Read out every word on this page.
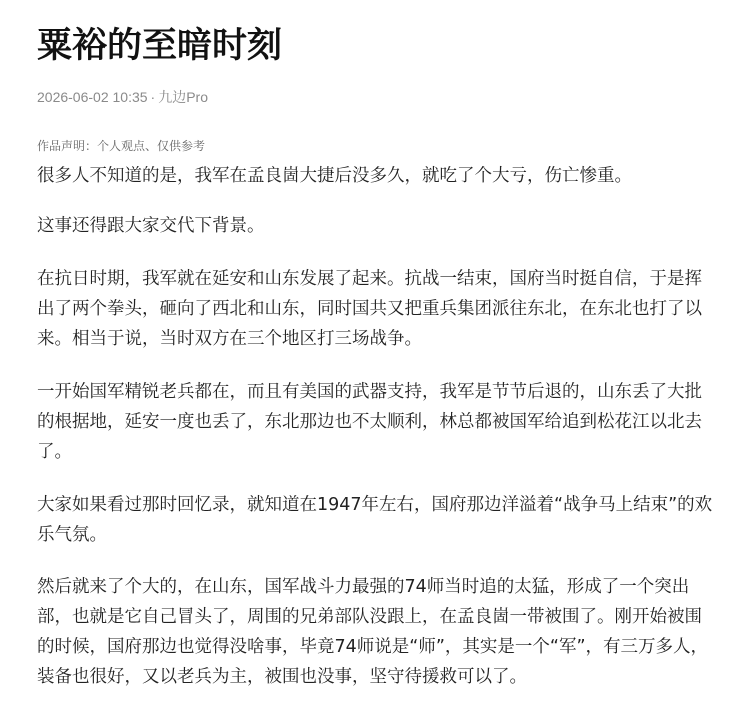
粟裕的至暗时刻
2026-06-02 10:35 · 九边Pro
作品声明：个人观点、仅供参考

很多人不知道的是，我军在孟良崮大捷后没多久，就吃了个大亏，伤亡惨重。

这事还得跟大家交代下背景。

在抗日时期，我军就在延安和山东发展了起来。抗战一结束，国府当时挺自信，于是挥出了两个拳头，砸向了西北和山东，同时国共又把重兵集团派往东北，在东北也打了以来。相当于说，当时双方在三个地区打三场战争。

一开始国军精锐老兵都在，而且有美国的武器支持，我军是节节后退的，山东丢了大批的根据地，延安一度也丢了，东北那边也不太顺利，林总都被国军给追到松花江以北去了。

大家如果看过那时回忆录，就知道在1947年左右，国府那边洋溢着“战争马上结束”的欢乐气氛。

然后就来了个大的，在山东，国军战斗力最强的74师当时追的太猛，形成了一个突出部，也就是它自己冒头了，周围的兄弟部队没跟上，在孟良崮一带被围了。刚开始被围的时候，国府那边也觉得没啥事，毕竟74师说是“师”，其实是一个“军”，有三万多人，装备也很好，又以老兵为主，被围也没事，坚守待援救可以了。
